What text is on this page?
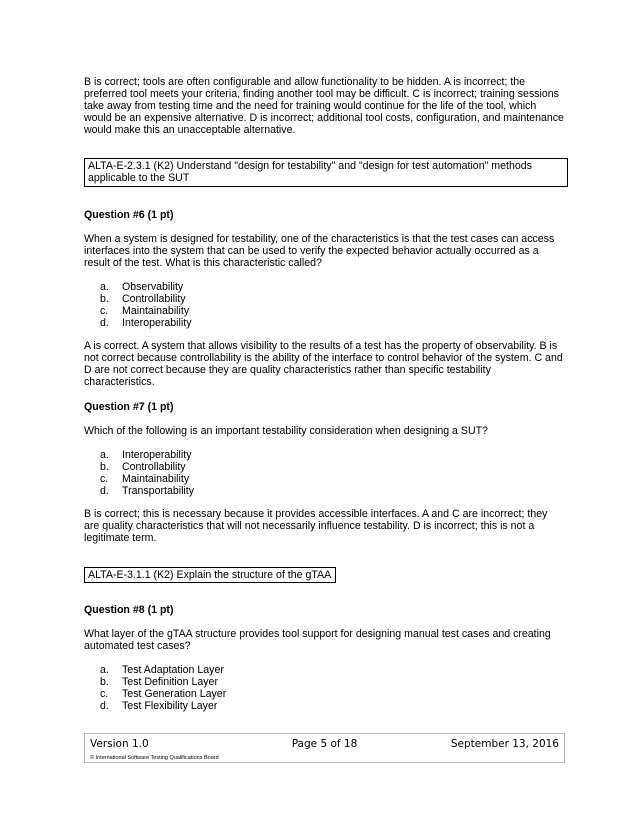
B is correct; tools are often configurable and allow functionality to be hidden. A is incorrect; the preferred tool meets your criteria, finding another tool may be difficult. C is incorrect; training sessions take away from testing time and the need for training would continue for the life of the tool, which would be an expensive alternative. D is incorrect; additional tool costs, configuration, and maintenance would make this an unacceptable alternative.

ALTA-E-2.3.1 (K2) Understand "design for testability" and "design for test automation" methods applicable to the SUT

Question #6 (1 pt)

When a system is designed for testability, one of the characteristics is that the test cases can access interfaces into the system that can be used to verify the expected behavior actually occurred as a result of the test. What is this characteristic called?

a.	Observability
b.	Controllability
c.	Maintainability
d.	Interoperability

A is correct. A system that allows visibility to the results of a test has the property of observability. B is not correct because controllability is the ability of the interface to control behavior of the system. C and D are not correct because they are quality characteristics rather than specific testability characteristics.

Question #7 (1 pt)

Which of the following is an important testability consideration when designing a SUT?

a.	Interoperability
b.	Controllability
c.	Maintainability
d.	Transportability

B is correct; this is necessary because it provides accessible interfaces. A and C are incorrect; they are quality characteristics that will not necessarily influence testability. D is incorrect; this is not a legitimate term.

ALTA-E-3.1.1 (K2) Explain the structure of the gTAA

Question #8 (1 pt)

What layer of the gTAA structure provides tool support for designing manual test cases and creating automated test cases?

a.	Test Adaptation Layer
b.	Test Definition Layer
c.	Test Generation Layer
d.	Test Flexibility Layer
Version 1.0	Page 5 of 18	September 13, 2016
© International Software Testing Qualifications Board
